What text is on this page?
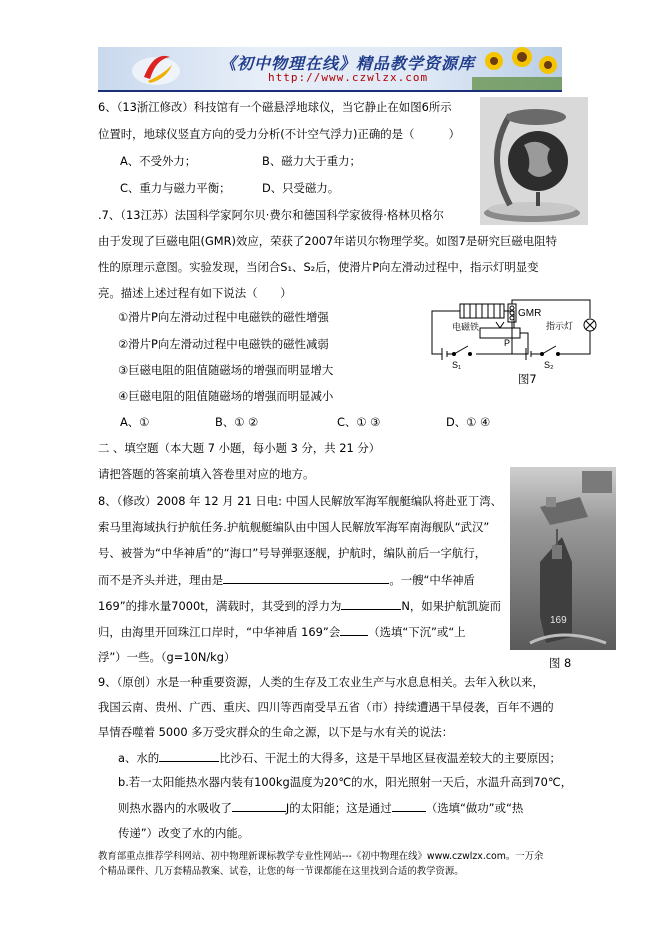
《初中物理在线》精品教学资源库
http://www.czwlzx.com
6、（13浙江修改）科技馆有一个磁悬浮地球仪，当它静止在如图6所示
位置时，地球仪竖直方向的受力分析(不计空气浮力)正确的是（　　　）
A、不受外力；	B、磁力大于重力；
C、重力与磁力平衡；	D、只受磁力。
.7、（13江苏）法国科学家阿尔贝·费尔和德国科学家彼得·格林贝格尔
由于发现了巨磁电阻(GMR)效应，荣获了2007年诺贝尔物理学奖。如图7是研究巨磁电阻特
性的原理示意图。实验发现，当闭合S₁、S₂后，使滑片P向左滑动过程中，指示灯明显变
亮。描述上述过程有如下说法（　　）
①滑片P向左滑动过程中电磁铁的磁性增强
②滑片P向左滑动过程中电磁铁的磁性减弱
③巨磁电阻的阻值随磁场的增强而明显增大
④巨磁电阻的阻值随磁场的增强而明显减小
A、①	B、① ②	C、① ③	D、① ④
GMR
电磁铁
P
指示灯
S₁	S₂
图7
二 、填空题（本大题 7 小题，每小题 3 分，共 21 分）
请把答题的答案前填入答卷里对应的地方。
8、（修改）2008 年 12 月 21 日电: 中国人民解放军海军舰艇编队将赴亚丁湾、
索马里海域执行护航任务.护航舰艇编队由中国人民解放军海军南海舰队“武汉”
号、被誉为“中华神盾”的“海口”号导弹驱逐舰，护航时，编队前后一字航行，
而不是齐头并进，理由是	。一艘“中华神盾
169”的排水量7000t，满载时，其受到的浮力为	N，如果护航凯旋而
归，由海里开回珠江口岸时，“中华神盾 169”会 （选填“下沉”或“上
浮”）一些。（g=10N/kg）
169
图 8
9、（原创）水是一种重要资源，人类的生存及工农业生产与水息息相关。去年入秋以来，
我国云南、贵州、广西、重庆、四川等西南受旱五省（市）持续遭遇干旱侵袭，百年不遇的
旱情吞噬着 5000 多万受灾群众的生命之源，以下是与水有关的说法：
a、水的	比沙石、干泥土的大得多，这是干旱地区昼夜温差较大的主要原因；
b.若一太阳能热水器内装有100kg温度为20℃的水，阳光照射一天后，水温升高到70℃，
则热水器内的水吸收了	J的太阳能；这是通过	（选填“做功”或“热
传递”）改变了水的内能。
教育部重点推荐学科网站、初中物理新课标教学专业性网站---《初中物理在线》www.czwlzx.com。一万余
个精品课件、几万套精品教案、试卷，让您的每一节课都能在这里找到合适的教学资源。
